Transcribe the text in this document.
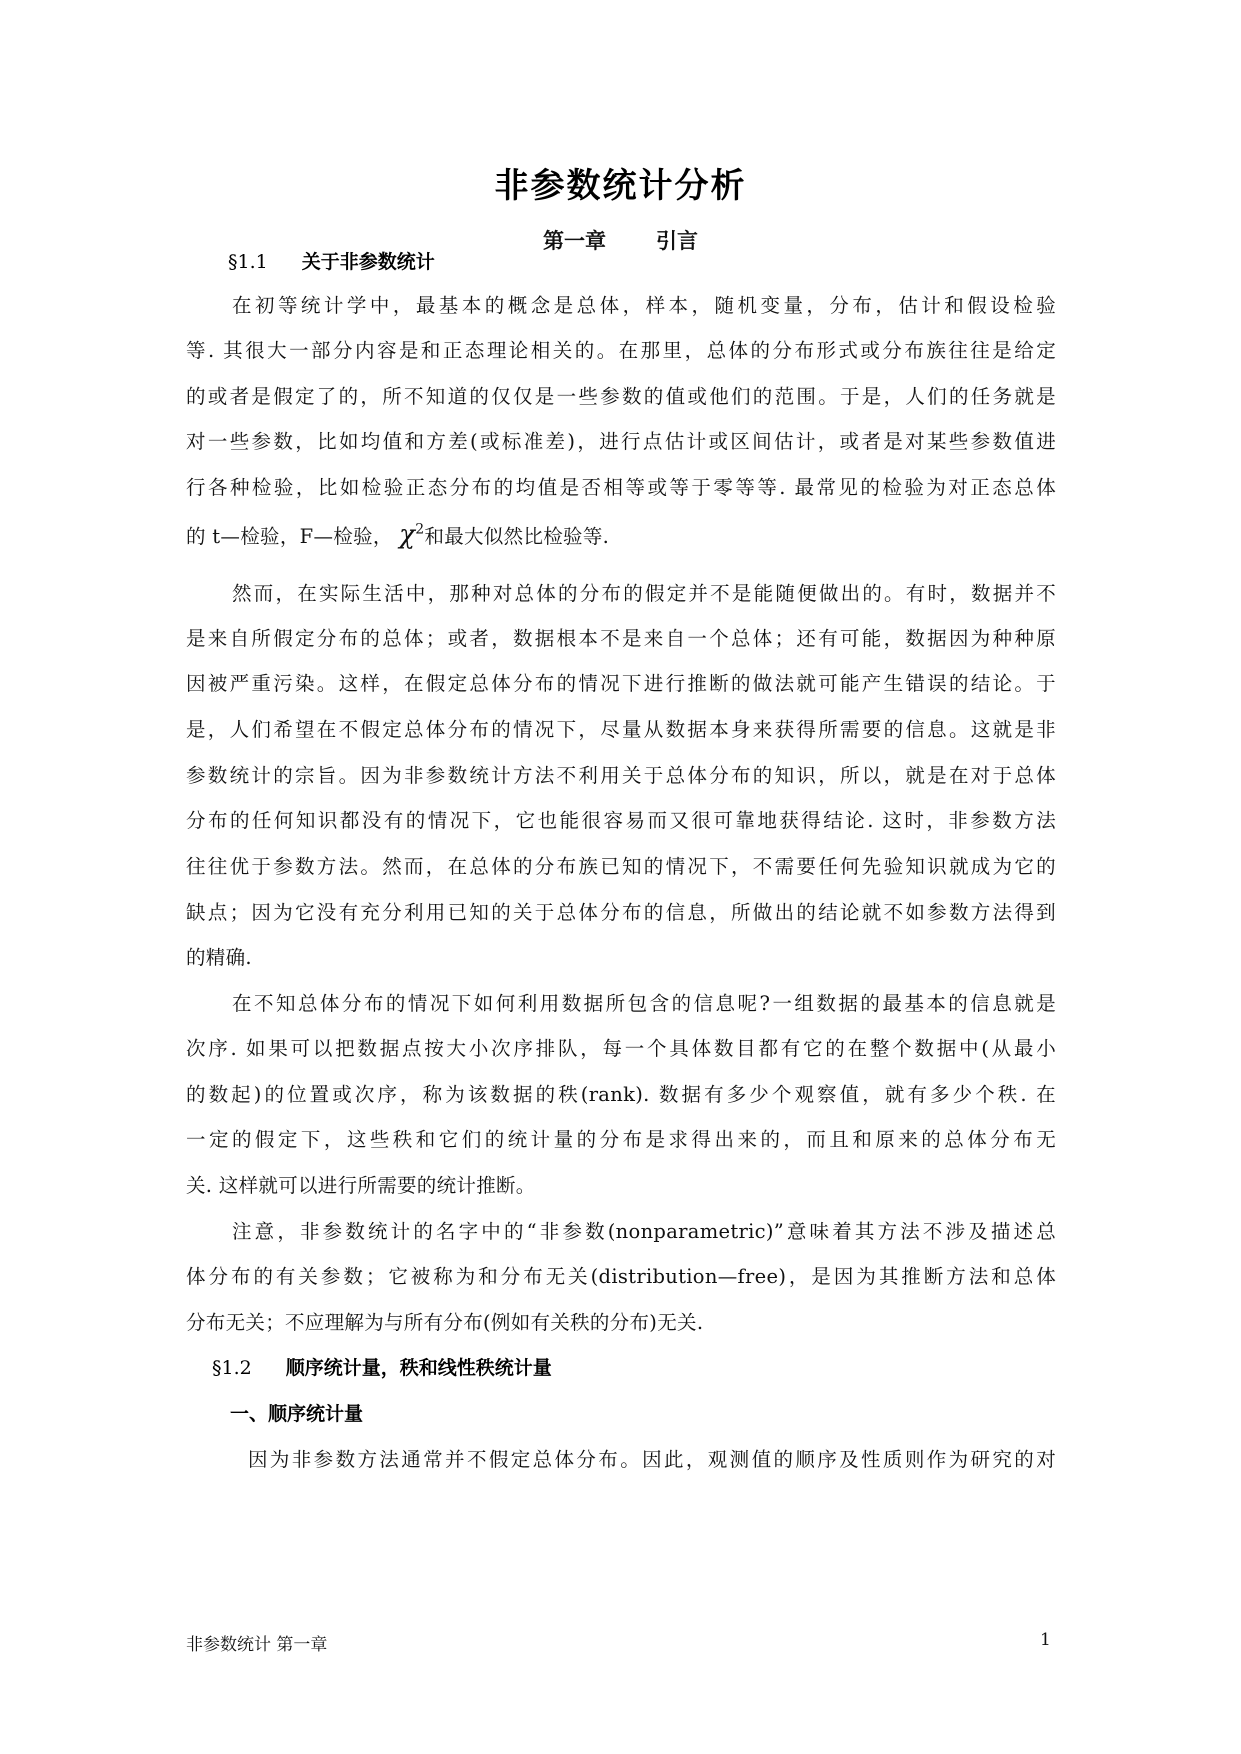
非参数统计分析
第一章 引言
§1.1 关于非参数统计
在初等统计学中，最基本的概念是总体，样本，随机变量，分布，估计和假设检验
等. 其很大一部分内容是和正态理论相关的。在那里，总体的分布形式或分布族往往是给定
的或者是假定了的，所不知道的仅仅是一些参数的值或他们的范围。于是，人们的任务就是
对一些参数，比如均值和方差(或标准差)，进行点估计或区间估计，或者是对某些参数值进
行各种检验，比如检验正态分布的均值是否相等或等于零等等. 最常见的检验为对正态总体
的 t—检验，F—检验， $\chi^2$和最大似然比检验等.
然而，在实际生活中，那种对总体的分布的假定并不是能随便做出的。有时，数据并不
是来自所假定分布的总体；或者，数据根本不是来自一个总体；还有可能，数据因为种种原
因被严重污染。这样，在假定总体分布的情况下进行推断的做法就可能产生错误的结论。于
是，人们希望在不假定总体分布的情况下，尽量从数据本身来获得所需要的信息。这就是非
参数统计的宗旨。因为非参数统计方法不利用关于总体分布的知识，所以，就是在对于总体
分布的任何知识都没有的情况下，它也能很容易而又很可靠地获得结论. 这时，非参数方法
往往优于参数方法。然而，在总体的分布族已知的情况下，不需要任何先验知识就成为它的
缺点；因为它没有充分利用已知的关于总体分布的信息，所做出的结论就不如参数方法得到
的精确.
在不知总体分布的情况下如何利用数据所包含的信息呢?一组数据的最基本的信息就是
次序. 如果可以把数据点按大小次序排队，每一个具体数目都有它的在整个数据中(从最小
的数起)的位置或次序，称为该数据的秩(rank). 数据有多少个观察值，就有多少个秩. 在
一定的假定下，这些秩和它们的统计量的分布是求得出来的，而且和原来的总体分布无
关. 这样就可以进行所需要的统计推断。
注意，非参数统计的名字中的“非参数(nonparametric)”意味着其方法不涉及描述总
体分布的有关参数；它被称为和分布无关(distribution—free)，是因为其推断方法和总体
分布无关；不应理解为与所有分布(例如有关秩的分布)无关.
§1.2 顺序统计量，秩和线性秩统计量
一、顺序统计量
因为非参数方法通常并不假定总体分布。因此，观测值的顺序及性质则作为研究的对
非参数统计 第一章	1
